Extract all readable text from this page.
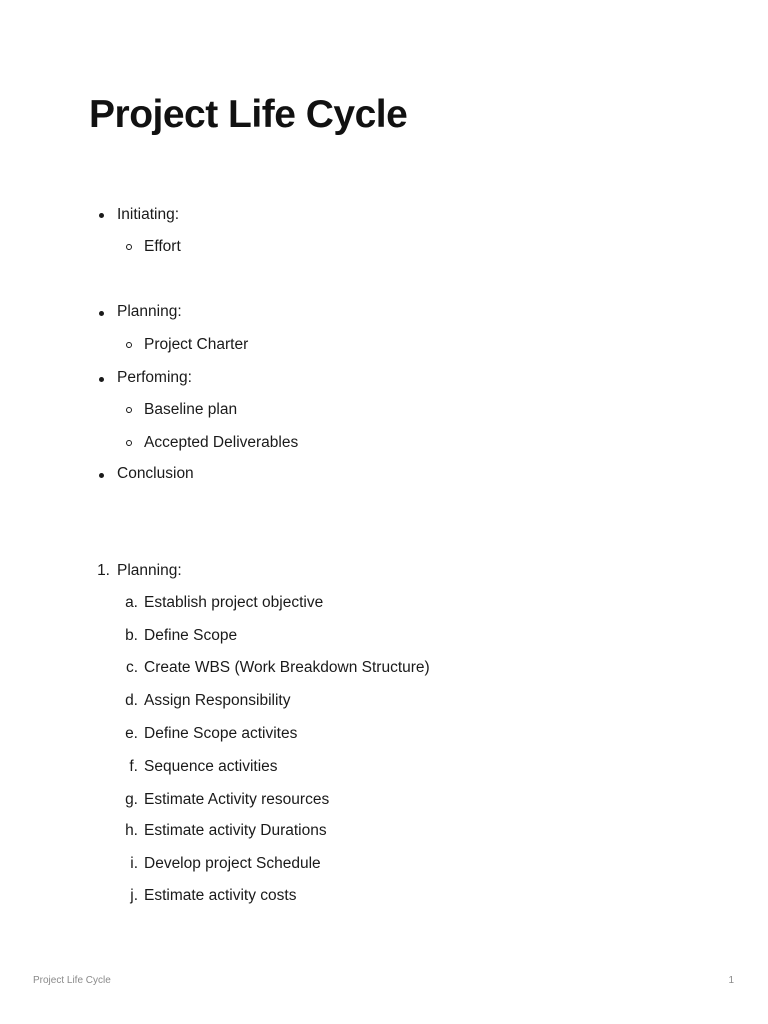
Project Life Cycle
Initiating:
Effort
Planning:
Project Charter
Perfoming:
Baseline plan
Accepted Deliverables
Conclusion
1. Planning:
a. Establish project objective
b. Define Scope
c. Create WBS (Work Breakdown Structure)
d. Assign Responsibility
e. Define Scope activites
f. Sequence activities
g. Estimate Activity resources
h. Estimate activity Durations
i. Develop project Schedule
j. Estimate activity costs
Project Life Cycle	1
